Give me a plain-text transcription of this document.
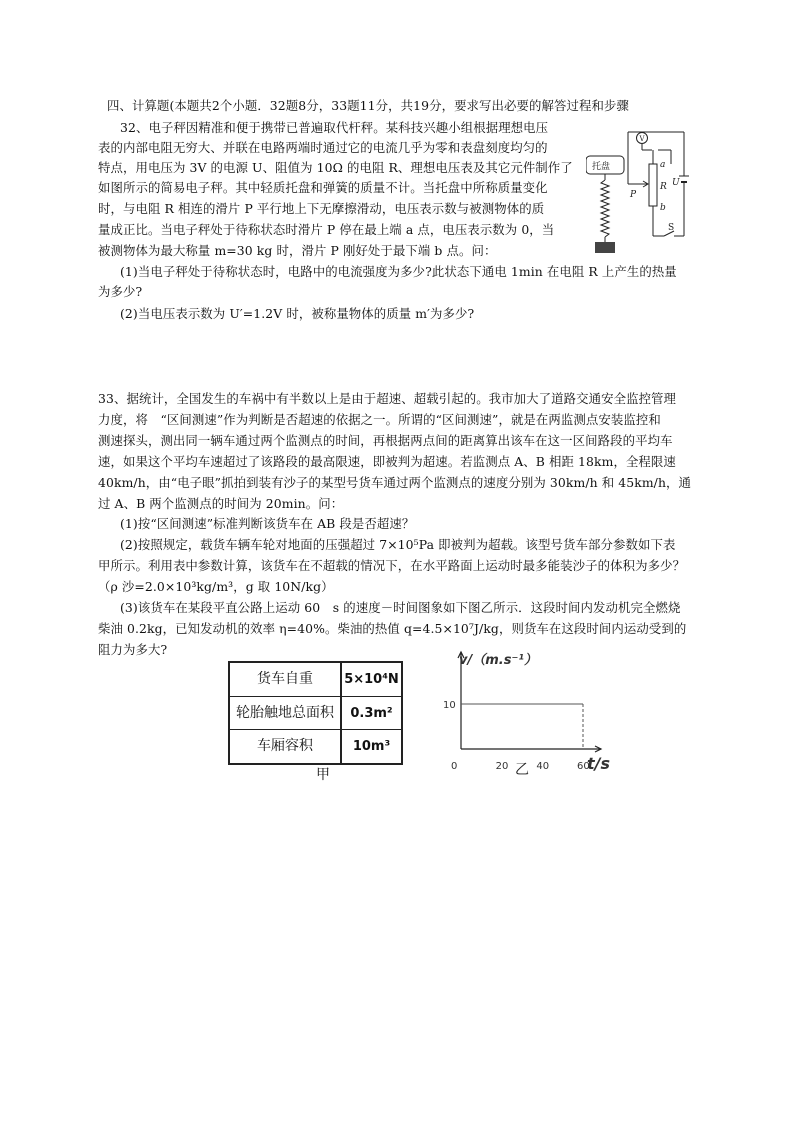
四、计算题(本题共2个小题．32题8分，33题11分，共19分，要求写出必要的解答过程和步骤
32、电子秤因精准和便于携带已普遍取代杆秤。某科技兴趣小组根据理想电压
表的内部电阻无穷大、并联在电路两端时通过它的电流几乎为零和表盘刻度均匀的
特点，用电压为 3V 的电源 U、阻值为 10Ω 的电阻 R、理想电压表及其它元件制作了
如图所示的简易电子秤。其中轻质托盘和弹簧的质量不计。当托盘中所称质量变化
时，与电阻 R 相连的滑片 P 平行地上下无摩擦滑动，电压表示数与被测物体的质
量成正比。当电子秤处于待称状态时滑片 P 停在最上端 a 点，电压表示数为 0，当
被测物体为最大称量 m=30 kg 时，滑片 P 刚好处于最下端 b 点。问：
(1)当电子秤处于待称状态时，电路中的电流强度为多少?此状态下通电 1min 在电阻 R 上产生的热量
为多少?
(2)当电压表示数为 U′=1.2V 时，被称量物体的质量 m′为多少?
托盘
V
a
b
P
R U
S
33、据统计，全国发生的车祸中有半数以上是由于超速、超载引起的。我市加大了道路交通安全监控管理
力度，将　“区间测速”作为判断是否超速的依据之一。所谓的“区间测速”，就是在两监测点安装监控和
测速探头，测出同一辆车通过两个监测点的时间，再根据两点间的距离算出该车在这一区间路段的平均车
速，如果这个平均车速超过了该路段的最高限速，即被判为超速。若监测点 A、B 相距 18km，全程限速
40km/h，由“电子眼”抓拍到装有沙子的某型号货车通过两个监测点的速度分别为 30km/h 和 45km/h，通
过 A、B 两个监测点的时间为 20min。问：
(1)按“区间测速”标准判断该货车在 AB 段是否超速？
(2)按照规定，载货车辆车轮对地面的压强超过 7×10⁵Pa 即被判为超载。该型号货车部分参数如下表
甲所示。利用表中参数计算，该货车在不超载的情况下，在水平路面上运动时最多能装沙子的体积为多少？
（ρ 沙=2.0×10³kg/m³，g 取 10N/kg）
(3)该货车在某段平直公路上运动 60　s 的速度－时间图象如下图乙所示．这段时间内发动机完全燃烧
柴油 0.2kg，已知发动机的效率 η=40%。柴油的热值 q=4.5×10⁷J/kg，则货车在这段时间内运动受到的
阻力为多大?
货车自重	5×10⁴N
轮胎触地总面积	0.3m²
车厢容积	10m³
甲
10
0	20	40	60
v/（m.s⁻¹）
t/s
乙
